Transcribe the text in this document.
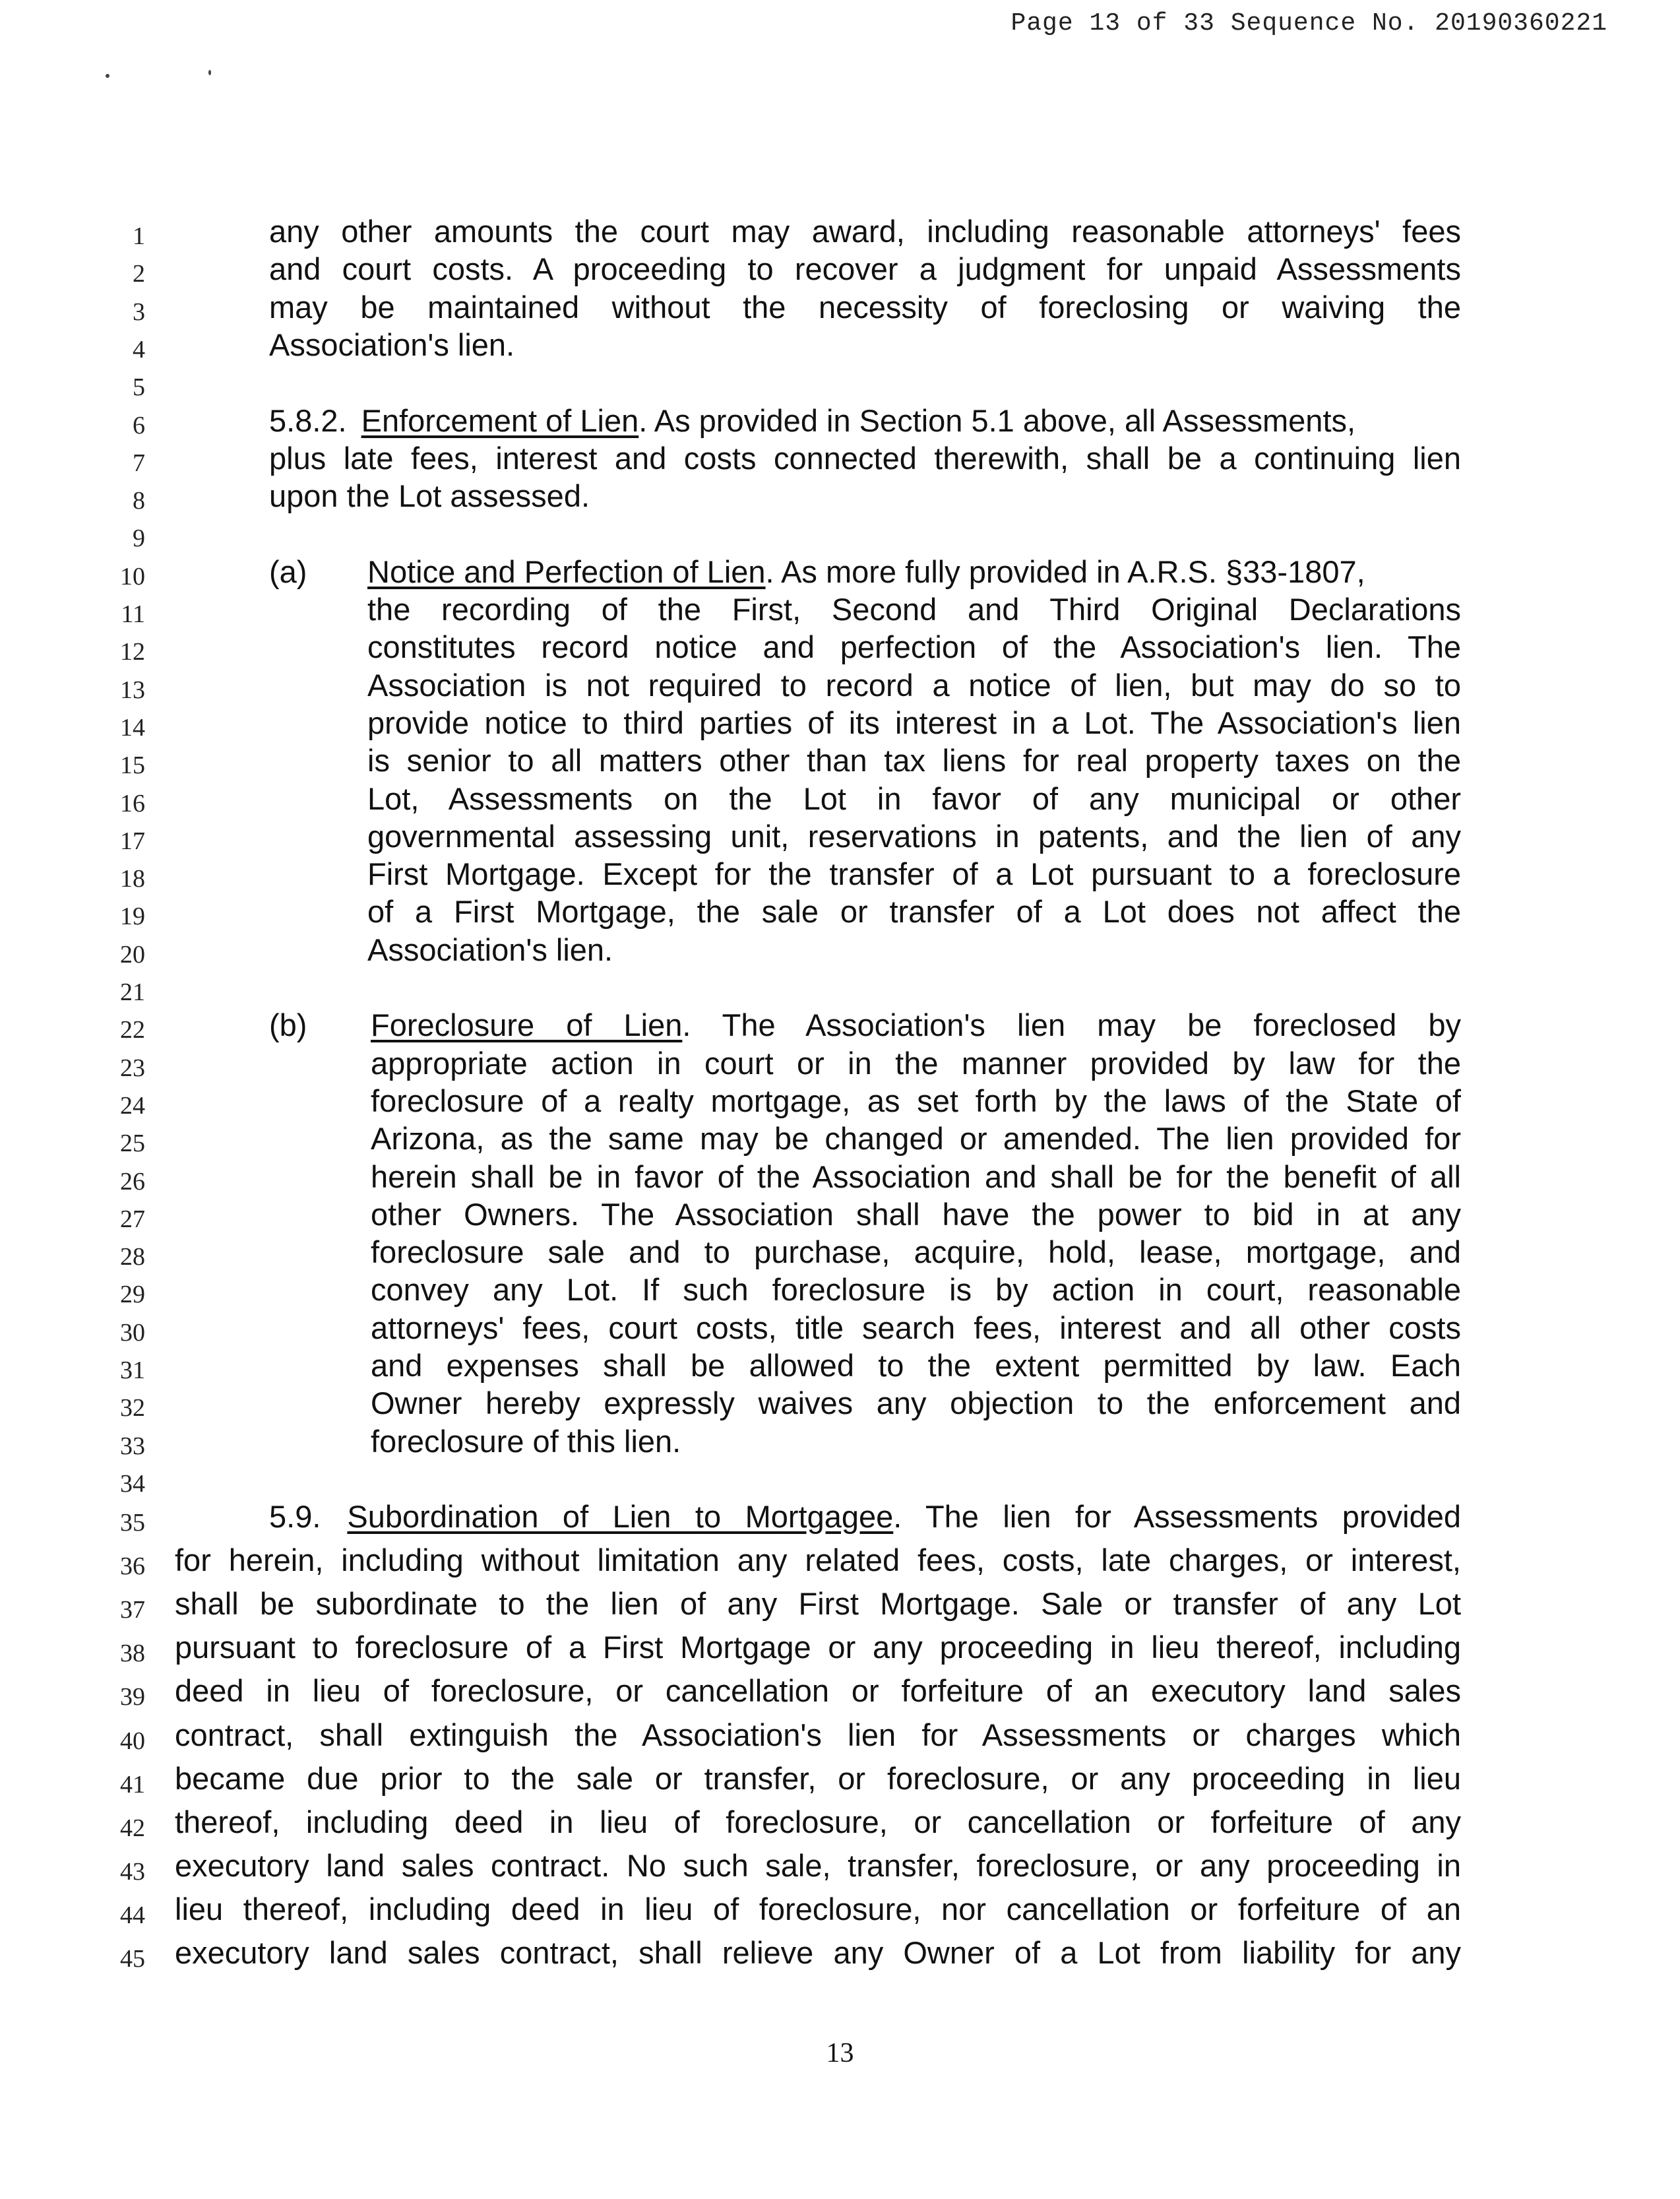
Page 13 of 33 Sequence No. 20190360221
1
2
3
4
5
6
7
8
9
10
11
12
13
14
15
16
17
18
19
20
21
22
23
24
25
26
27
28
29
30
31
32
33
34
35
36
37
38
39
40
41
42
43
44
45
any other amounts the court may award, including reasonable attorneys' fees
and court costs. A proceeding to recover a judgment for unpaid Assessments
may be maintained without the necessity of foreclosing or waiving the
Association's lien.
5.8.2. Enforcement of Lien. As provided in Section 5.1 above, all Assessments,
plus late fees, interest and costs connected therewith, shall be a continuing lien
upon the Lot assessed.
(a) Notice and Perfection of Lien. As more fully provided in A.R.S. §33-1807,
the recording of the First, Second and Third Original Declarations
constitutes record notice and perfection of the Association's lien. The
Association is not required to record a notice of lien, but may do so to
provide notice to third parties of its interest in a Lot. The Association's lien
is senior to all matters other than tax liens for real property taxes on the
Lot, Assessments on the Lot in favor of any municipal or other
governmental assessing unit, reservations in patents, and the lien of any
First Mortgage. Except for the transfer of a Lot pursuant to a foreclosure
of a First Mortgage, the sale or transfer of a Lot does not affect the
Association's lien.
(b) Foreclosure of Lien. The Association's lien may be foreclosed by
appropriate action in court or in the manner provided by law for the
foreclosure of a realty mortgage, as set forth by the laws of the State of
Arizona, as the same may be changed or amended. The lien provided for
herein shall be in favor of the Association and shall be for the benefit of all
other Owners. The Association shall have the power to bid in at any
foreclosure sale and to purchase, acquire, hold, lease, mortgage, and
convey any Lot. If such foreclosure is by action in court, reasonable
attorneys' fees, court costs, title search fees, interest and all other costs
and expenses shall be allowed to the extent permitted by law. Each
Owner hereby expressly waives any objection to the enforcement and
foreclosure of this lien.
5.9. Subordination of Lien to Mortgagee. The lien for Assessments provided
for herein, including without limitation any related fees, costs, late charges, or interest,
shall be subordinate to the lien of any First Mortgage. Sale or transfer of any Lot
pursuant to foreclosure of a First Mortgage or any proceeding in lieu thereof, including
deed in lieu of foreclosure, or cancellation or forfeiture of an executory land sales
contract, shall extinguish the Association's lien for Assessments or charges which
became due prior to the sale or transfer, or foreclosure, or any proceeding in lieu
thereof, including deed in lieu of foreclosure, or cancellation or forfeiture of any
executory land sales contract. No such sale, transfer, foreclosure, or any proceeding in
lieu thereof, including deed in lieu of foreclosure, nor cancellation or forfeiture of an
executory land sales contract, shall relieve any Owner of a Lot from liability for any
13
